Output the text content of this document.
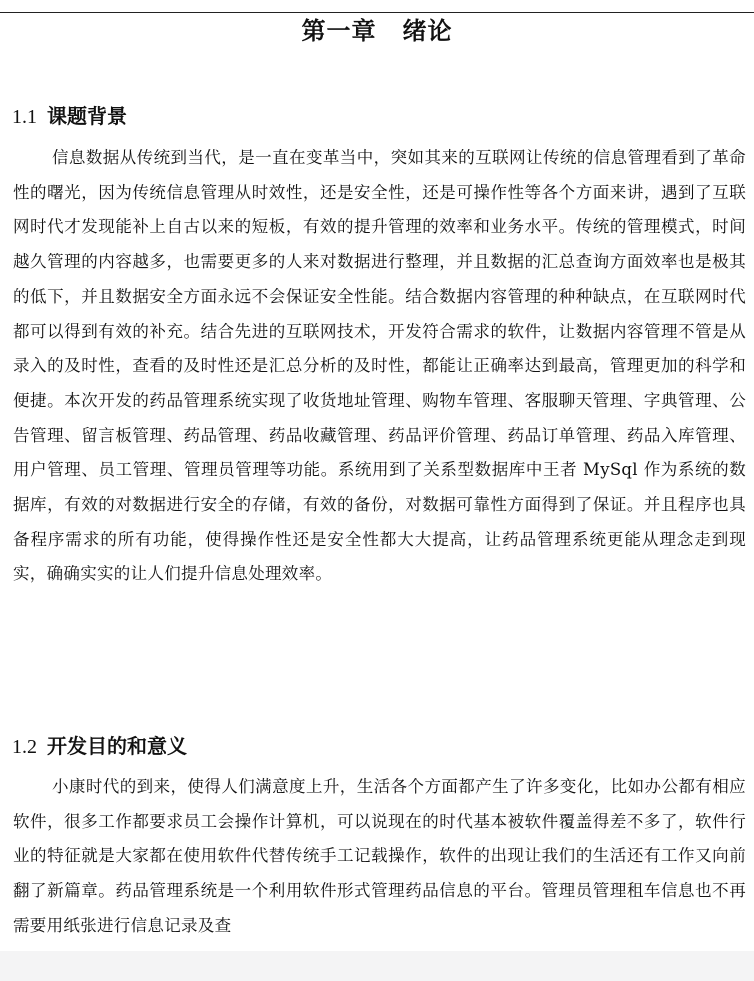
第一章 绪论
1.1 课题背景

信息数据从传统到当代，是一直在变革当中，突如其来的互联网让传统的信息管理看到了革命性的曙光，因为传统信息管理从时效性，还是安全性，还是可操作性等各个方面来讲，遇到了互联网时代才发现能补上自古以来的短板，有效的提升管理的效率和业务水平。传统的管理模式，时间越久管理的内容越多，也需要更多的人来对数据进行整理，并且数据的汇总查询方面效率也是极其的低下，并且数据安全方面永远不会保证安全性能。结合数据内容管理的种种缺点，在互联网时代都可以得到有效的补充。结合先进的互联网技术，开发符合需求的软件，让数据内容管理不管是从录入的及时性，查看的及时性还是汇总分析的及时性，都能让正确率达到最高，管理更加的科学和便捷。本次开发的药品管理系统实现了收货地址管理、购物车管理、客服聊天管理、字典管理、公告管理、留言板管理、药品管理、药品收藏管理、药品评价管理、药品订单管理、药品入库管理、用户管理、员工管理、管理员管理等功能。系统用到了关系型数据库中王者 MySql 作为系统的数据库，有效的对数据进行安全的存储，有效的备份，对数据可靠性方面得到了保证。并且程序也具备程序需求的所有功能，使得操作性还是安全性都大大提高，让药品管理系统更能从理念走到现实，确确实实的让人们提升信息处理效率。

1.2 开发目的和意义

小康时代的到来，使得人们满意度上升，生活各个方面都产生了许多变化，比如办公都有相应软件，很多工作都要求员工会操作计算机，可以说现在的时代基本被软件覆盖得差不多了，软件行业的特征就是大家都在使用软件代替传统手工记载操作，软件的出现让我们的生活还有工作又向前翻了新篇章。药品管理系统是一个利用软件形式管理药品信息的平台。管理员管理租车信息也不再需要用纸张进行信息记录及查
